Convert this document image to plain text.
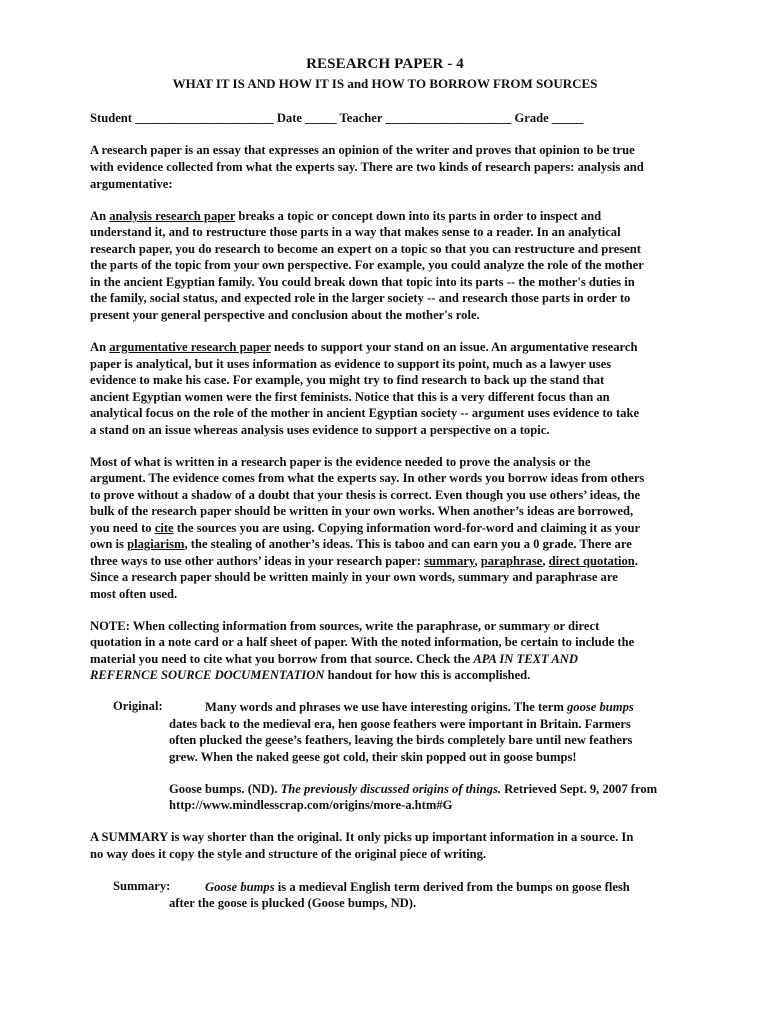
RESEARCH PAPER - 4
WHAT IT IS AND HOW IT IS and HOW TO BORROW FROM SOURCES
Student ______________________ Date _____ Teacher ____________________ Grade _____
A research paper is an essay that expresses an opinion of the writer and proves that opinion to be true
with evidence collected from what the experts say. There are two kinds of research papers: analysis and
argumentative:
An analysis research paper breaks a topic or concept down into its parts in order to inspect and
understand it, and to restructure those parts in a way that makes sense to a reader. In an analytical
research paper, you do research to become an expert on a topic so that you can restructure and present
the parts of the topic from your own perspective. For example, you could analyze the role of the mother
in the ancient Egyptian family. You could break down that topic into its parts -- the mother's duties in
the family, social status, and expected role in the larger society -- and research those parts in order to
present your general perspective and conclusion about the mother's role.
An argumentative research paper needs to support your stand on an issue. An argumentative research
paper is analytical, but it uses information as evidence to support its point, much as a lawyer uses
evidence to make his case. For example, you might try to find research to back up the stand that
ancient Egyptian women were the first feminists. Notice that this is a very different focus than an
analytical focus on the role of the mother in ancient Egyptian society -- argument uses evidence to take
a stand on an issue whereas analysis uses evidence to support a perspective on a topic.
Most of what is written in a research paper is the evidence needed to prove the analysis or the
argument. The evidence comes from what the experts say. In other words you borrow ideas from others
to prove without a shadow of a doubt that your thesis is correct. Even though you use others’ ideas, the
bulk of the research paper should be written in your own works. When another’s ideas are borrowed,
you need to cite the sources you are using. Copying information word-for-word and claiming it as your
own is plagiarism, the stealing of another’s ideas. This is taboo and can earn you a 0 grade. There are
three ways to use other authors’ ideas in your research paper: summary, paraphrase, direct quotation.
Since a research paper should be written mainly in your own words, summary and paraphrase are
most often used.
NOTE: When collecting information from sources, write the paraphrase, or summary or direct
quotation in a note card or a half sheet of paper. With the noted information, be certain to include the
material you need to cite what you borrow from that source. Check the APA IN TEXT AND
REFERNCE SOURCE DOCUMENTATION handout for how this is accomplished.
Original:	Many words and phrases we use have interesting origins. The term goose bumps
dates back to the medieval era, hen goose feathers were important in Britain. Farmers
often plucked the geese’s feathers, leaving the birds completely bare until new feathers
grew. When the naked geese got cold, their skin popped out in goose bumps!
Goose bumps. (ND). The previously discussed origins of things. Retrieved Sept. 9, 2007 from
http://www.mindlesscrap.com/origins/more-a.htm#G
A SUMMARY is way shorter than the original. It only picks up important information in a source. In
no way does it copy the style and structure of the original piece of writing.
Summary:	Goose bumps is a medieval English term derived from the bumps on goose flesh
after the goose is plucked (Goose bumps, ND).
